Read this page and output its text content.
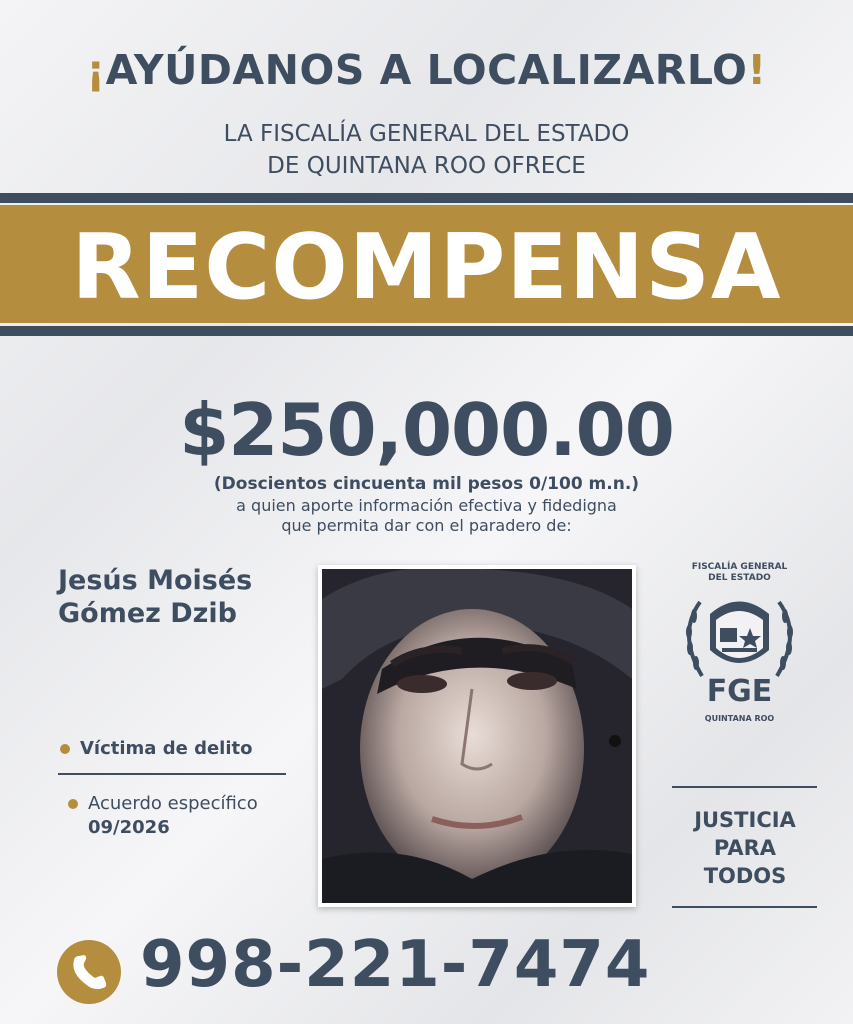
¡AYÚDANOS A LOCALIZARLO!
LA FISCALÍA GENERAL DEL ESTADO
DE QUINTANA ROO OFRECE
RECOMPENSA
$250,000.00
(Doscientos cincuenta mil pesos 0/100 m.n.)
a quien aporte información efectiva y fidedigna
que permita dar con el paradero de:
Jesús Moisés
Gómez Dzib
Víctima de delito
Acuerdo específico
09/2026
FISCALÍA GENERAL
DEL ESTADO
FGE
QUINTANA ROO
JUSTICIA
PARA
TODOS
998-221-7474
